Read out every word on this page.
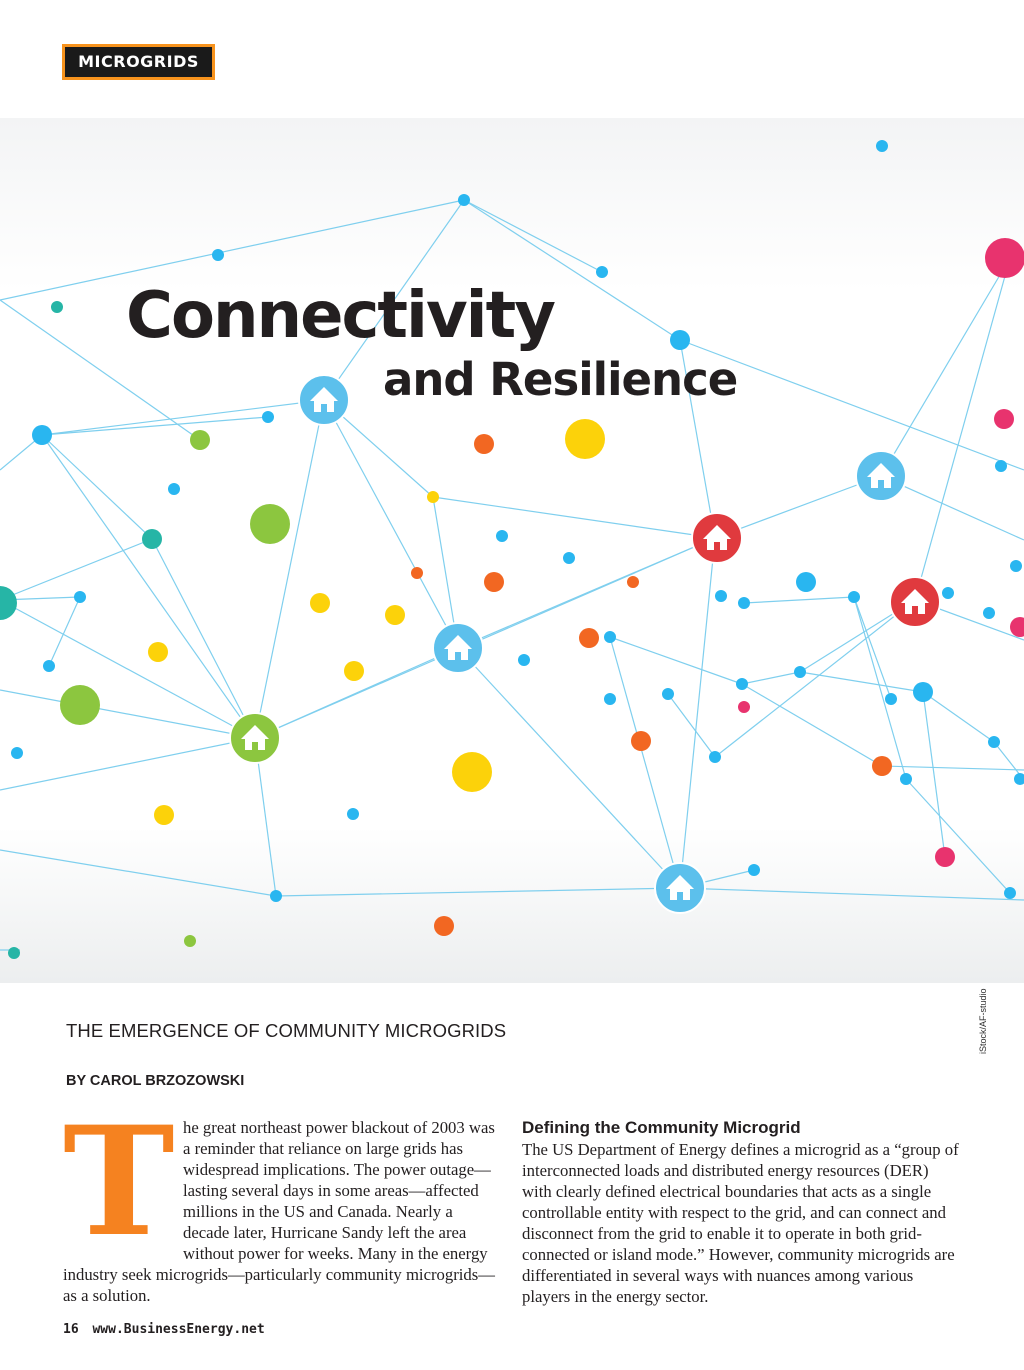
MICROGRIDS
Connectivity
and Resilience
iStock/AF-studio
THE EMERGENCE OF COMMUNITY MICROGRIDS
BY CAROL BRZOZOWSKI
T he great northeast power blackout of 2003 was a reminder that reliance on large grids has widespread implications. The power outage—lasting several days in some areas—affected millions in the US and Canada. Nearly a decade later, Hurricane Sandy left the area without power for weeks. Many in the energy industry seek microgrids—particularly community microgrids—as a solution.

Defining the Community Microgrid

The US Department of Energy defines a microgrid as a “group of interconnected loads and distributed energy resources (DER) with clearly defined electrical boundaries that acts as a single controllable entity with respect to the grid, and can connect and disconnect from the grid to enable it to operate in both grid-connected or island mode.” However, community microgrids are differentiated in several ways with nuances among various players in the energy sector.

16 www.BusinessEnergy.net
